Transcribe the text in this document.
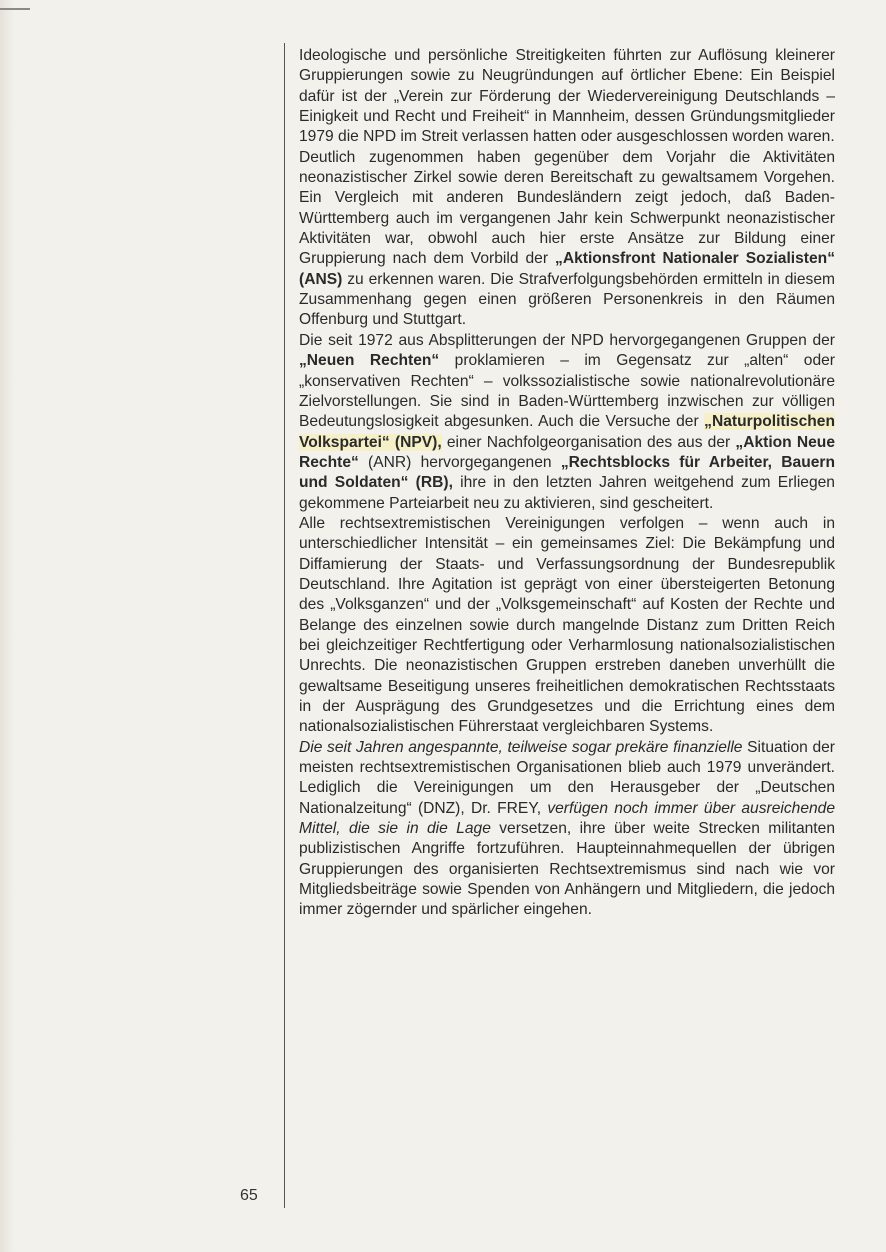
Ideologische und persönliche Streitigkeiten führten zur Auflösung kleinerer Gruppierungen sowie zu Neugründungen auf örtlicher Ebene: Ein Beispiel dafür ist der „Verein zur Förderung der Wiedervereinigung Deutschlands – Einigkeit und Recht und Freiheit“ in Mannheim, dessen Gründungsmitglieder 1979 die NPD im Streit verlassen hatten oder ausgeschlossen worden waren.

Deutlich zugenommen haben gegenüber dem Vorjahr die Aktivitäten neonazistischer Zirkel sowie deren Bereitschaft zu gewaltsamem Vorgehen. Ein Vergleich mit anderen Bundesländern zeigt jedoch, daß Baden-Württemberg auch im vergangenen Jahr kein Schwerpunkt neonazistischer Aktivitäten war, obwohl auch hier erste Ansätze zur Bildung einer Gruppierung nach dem Vorbild der „Aktionsfront Nationaler Sozialisten“ (ANS) zu erkennen waren. Die Strafverfolgungsbehörden ermitteln in diesem Zusammenhang gegen einen größeren Personenkreis in den Räumen Offenburg und Stuttgart.

Die seit 1972 aus Absplitterungen der NPD hervorgegangenen Gruppen der „Neuen Rechten“ proklamieren – im Gegensatz zur „alten“ oder „konservativen Rechten“ – volkssozialistische sowie nationalrevolutionäre Zielvorstellungen. Sie sind in Baden-Württemberg inzwischen zur völligen Bedeutungslosigkeit abgesunken. Auch die Versuche der „Naturpolitischen Volkspartei“ (NPV), einer Nachfolgeorganisation des aus der „Aktion Neue Rechte“ (ANR) hervorgegangenen „Rechtsblocks für Arbeiter, Bauern und Soldaten“ (RB), ihre in den letzten Jahren weitgehend zum Erliegen gekommene Parteiarbeit neu zu aktivieren, sind gescheitert.

Alle rechtsextremistischen Vereinigungen verfolgen – wenn auch in unterschiedlicher Intensität – ein gemeinsames Ziel: Die Bekämpfung und Diffamierung der Staats- und Verfassungsordnung der Bundesrepublik Deutschland. Ihre Agitation ist geprägt von einer übersteigerten Betonung des „Volksganzen“ und der „Volksgemeinschaft“ auf Kosten der Rechte und Belange des einzelnen sowie durch mangelnde Distanz zum Dritten Reich bei gleichzeitiger Rechtfertigung oder Verharmlosung nationalsozialistischen Unrechts. Die neonazistischen Gruppen erstreben daneben unverhüllt die gewaltsame Beseitigung unseres freiheitlichen demokratischen Rechtsstaats in der Ausprägung des Grundgesetzes und die Errichtung eines dem nationalsozialistischen Führerstaat vergleichbaren Systems.

Die seit Jahren angespannte, teilweise sogar prekäre finanzielle Situation der meisten rechtsextremistischen Organisationen blieb auch 1979 unverändert. Lediglich die Vereinigungen um den Herausgeber der „Deutschen Nationalzeitung“ (DNZ), Dr. FREY, verfügen noch immer über ausreichende Mittel, die sie in die Lage versetzen, ihre über weite Strecken militanten publizistischen Angriffe fortzuführen. Haupteinnahmequellen der übrigen Gruppierungen des organisierten Rechtsextremismus sind nach wie vor Mitgliedsbeiträge sowie Spenden von Anhängern und Mitgliedern, die jedoch immer zögernder und spärlicher eingehen.

65
